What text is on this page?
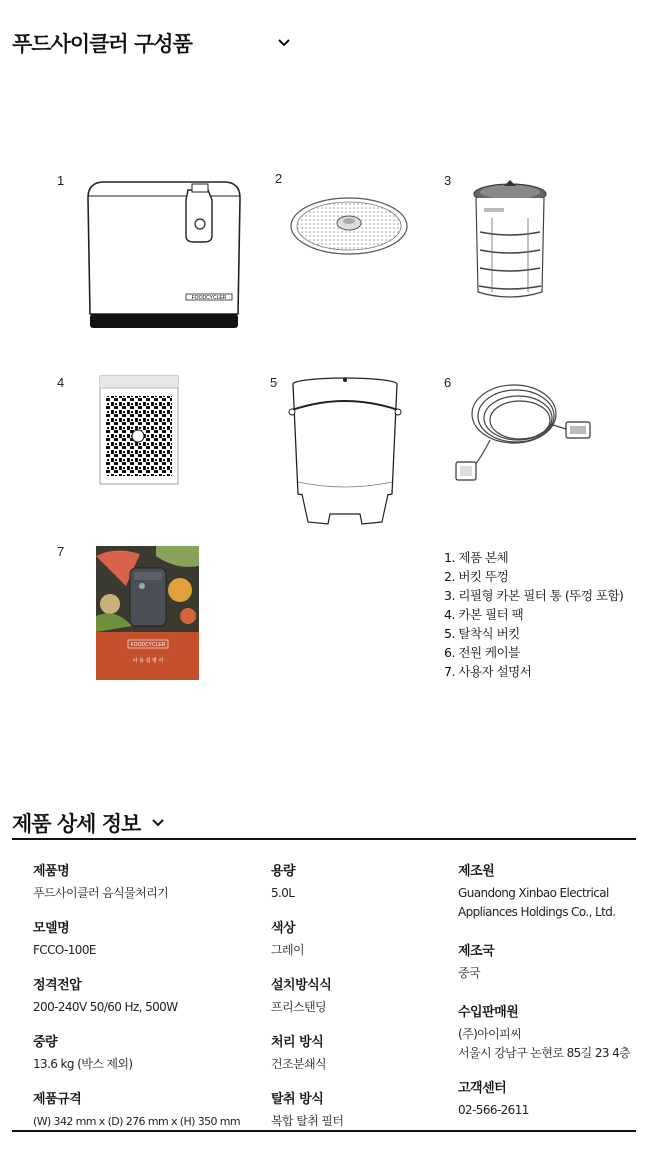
푸드사이클러 구성품
1	2	3
4	5	6
7
FOODCYCLER
FOODCYCLER
사 용 설 명 서
1. 제품 본체
2. 버킷 뚜껑
3. 리필형 카본 필터 통 (뚜껑 포함)
4. 카본 필터 팩
5. 탈착식 버킷
6. 전원 케이블
7. 사용자 설명서
제품 상세 정보
제품명
푸드사이클러 음식물처리기
모델명
FCCO-100E
정격전압
200-240V 50/60 Hz, 500W
중량
13.6 kg (박스 제외)
제품규격
(W) 342 mm x (D) 276 mm x (H) 350 mm
용량
5.0L
색상
그레이
설치방식식
프리스탠딩
처리 방식
건조분쇄식
탈취 방식
복합 탈취 필터
제조원
Guandong Xinbao Electrical Appliances Holdings Co., Ltd.
제조국
중국
수입판매원
(주)아이피씨
서울시 강남구 논현로 85길 23 4층
고객센터
02-566-2611
